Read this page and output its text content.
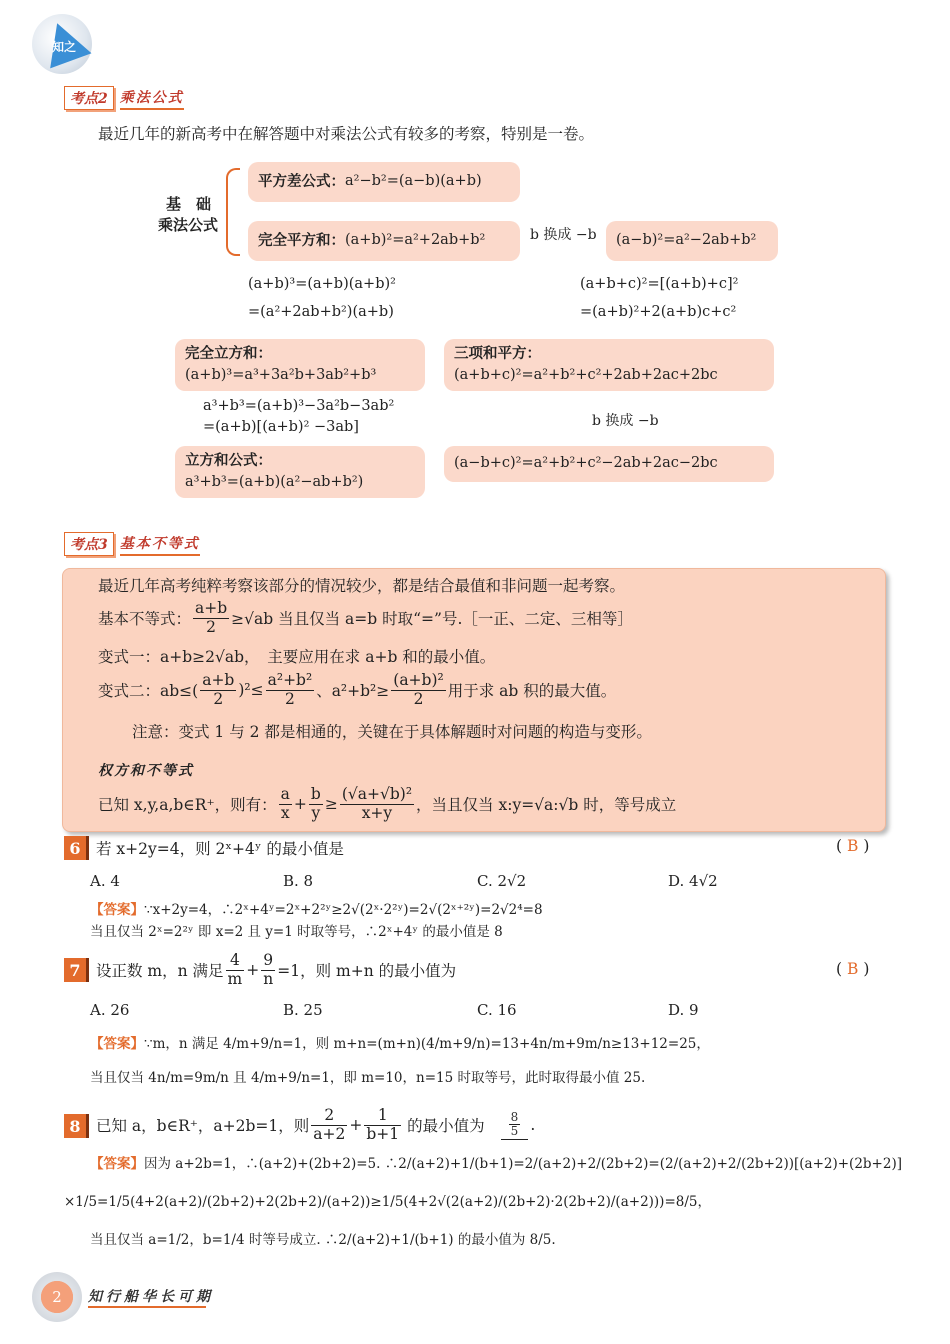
知之
考点2 乘法公式
最近几年的新高考中在解答题中对乘法公式有较多的考察，特别是一卷。
基　础
乘法公式
平方差公式： a²−b²=(a−b)(a+b)
完全平方和： (a+b)²=a²+2ab+b²	b 换成 −b (a−b)²=a²−2ab+b²
(a+b)³=(a+b)(a+b)²
=(a²+2ab+b²)(a+b)
(a+b+c)²=[(a+b)+c]²
=(a+b)²+2(a+b)c+c²
完全立方和：
(a+b)³=a³+3a²b+3ab²+b³
三项和平方：
(a+b+c)²=a²+b²+c²+2ab+2ac+2bc
a³+b³=(a+b)³−3a²b−3ab²
=(a+b)[(a+b)² −3ab]	b 换成 −b
立方和公式：
a³+b³=(a+b)(a²−ab+b²)
(a−b+c)²=a²+b²+c²−2ab+2ac−2bc
考点3 基本不等式
最近几年高考纯粹考察该部分的情况较少，都是结合最值和非问题一起考察。
基本不等式： $\frac{a+b}{2} \ge√ab$ 当且仅当 a=b 时取“=”号.［一正、二定、三相等］
变式一：a+b≥2√ab，　主要应用在求 a+b 和的最小值。
变式二：$ab\le( \frac{a+b}{2} )^2\le \frac{\text{a²+b²}}{2}$ 、$a^2+b^2\ge \frac{\text{(a+b)²}}{2}$ 用于求 ab 积的最大值。
注意：变式 1 与 2 都是相通的，关键在于具体解题时对问题的构造与变形。
权方和不等式
已知 x,y,a,b∈R⁺，则有： $\frac{a}{x} + \frac{b}{y} \ge \frac{\text{(√a+√b)²}}{x+y}$ ，当且仅当 x:y=√a:√b 时，等号成立
6 若 x+2y=4，则 2ˣ+4ʸ 的最小值是	( B )
A. 4	B. 8	C. 2√2	D. 4√2
【答案】∵x+2y=4，∴2ˣ+4ʸ=2ˣ+2²ʸ≥2√(2ˣ·2²ʸ)=2√(2ˣ⁺²ʸ)=2√2⁴=8
当且仅当 2ˣ=2²ʸ 即 x=2 且 y=1 时取等号，∴2ˣ+4ʸ 的最小值是 8
7 设正数 m，n 满足 $\frac{4}{m} + \frac{9}{n} =1$，则 m+n 的最小值为	( B )
A. 26	B. 25	C. 16	D. 9
【答案】∵m，n 满足 4/m+9/n=1，则 m+n=(m+n)(4/m+9/n)=13+4n/m+9m/n≥13+12=25，
当且仅当 4n/m=9m/n 且 4/m+9/n=1，即 m=10，n=15 时取等号，此时取得最小值 25.
8 已知 a，b∈R⁺，a+2b=1，则 $\frac{2}{a+2} + \frac{1}{b+1}$ 的最小值为 $\frac{8}{5}$ .
【答案】因为 a+2b=1，∴(a+2)+(2b+2)=5. ∴2/(a+2)+1/(b+1)=2/(a+2)+2/(2b+2)=(2/(a+2)+2/(2b+2))[(a+2)+(2b+2)]
×1/5=1/5(4+2(a+2)/(2b+2)+2(2b+2)/(a+2))≥1/5(4+2√(2(a+2)/(2b+2)·2(2b+2)/(a+2)))=8/5，
当且仅当 a=1/2，b=1/4 时等号成立. ∴2/(a+2)+1/(b+1) 的最小值为 8/5.
2 知行船华长可期
